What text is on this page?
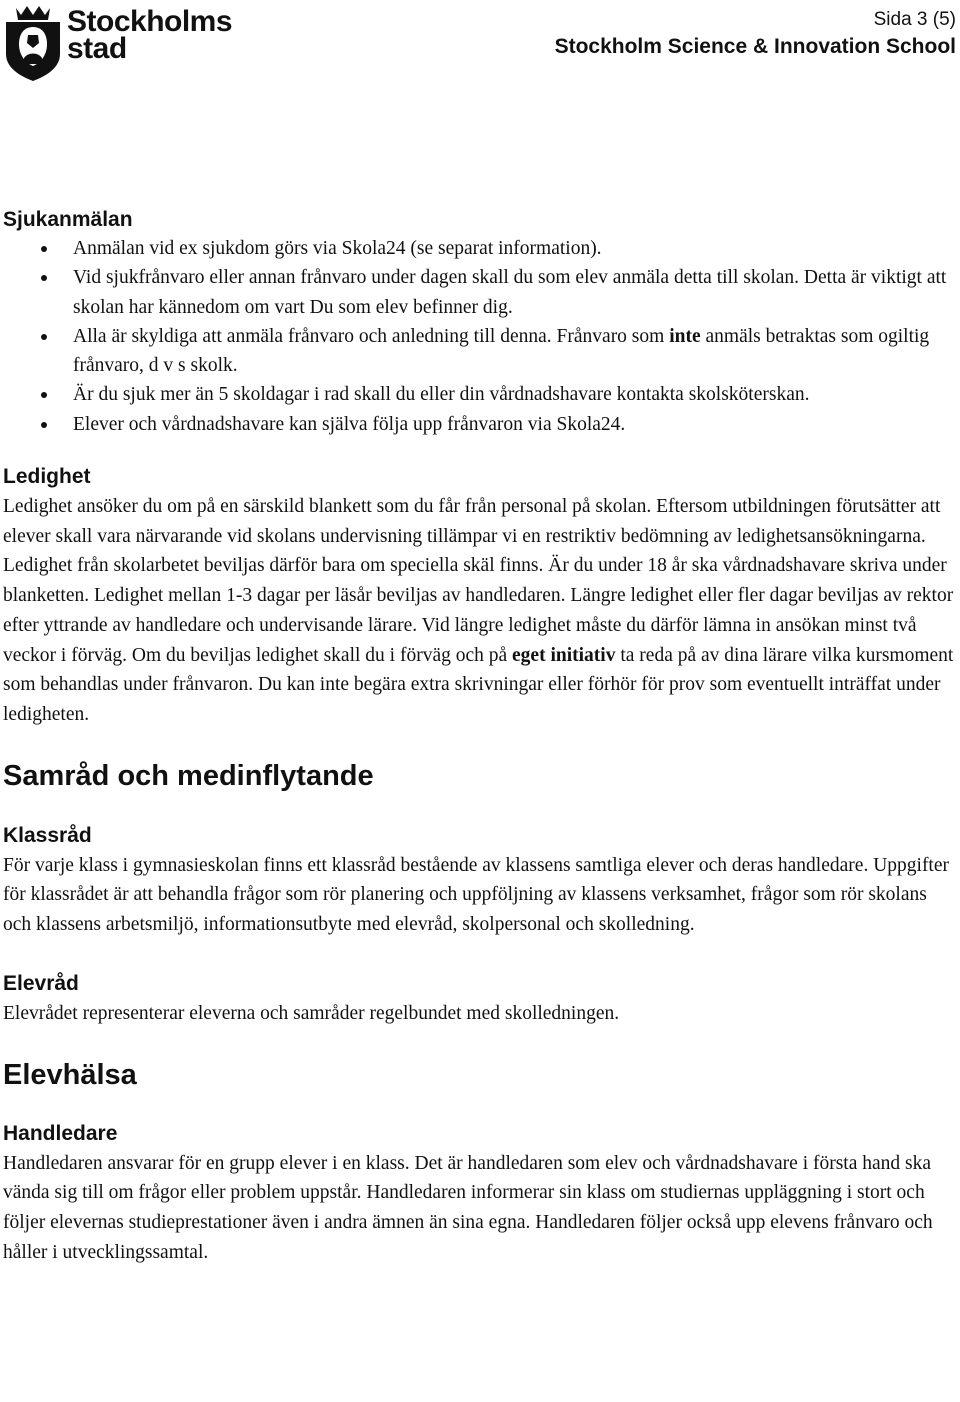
Stockholms
stad
Sida 3 (5)
Stockholm Science & Innovation School
Sjukanmälan
Anmälan vid ex sjukdom görs via Skola24 (se separat information).
Vid sjukfrånvaro eller annan frånvaro under dagen skall du som elev anmäla detta till skolan. Detta är viktigt att skolan har kännedom om vart Du som elev befinner dig.
Alla är skyldiga att anmäla frånvaro och anledning till denna. Frånvaro som inte anmäls betraktas som ogiltig frånvaro, d v s skolk.
Är du sjuk mer än 5 skoldagar i rad skall du eller din vårdnadshavare kontakta skolsköterskan.
Elever och vårdnadshavare kan själva följa upp frånvaron via Skola24.
Ledighet

Ledighet ansöker du om på en särskild blankett som du får från personal på skolan. Eftersom utbildningen förutsätter att elever skall vara närvarande vid skolans undervisning tillämpar vi en restriktiv bedömning av ledighetsansökningarna. Ledighet från skolarbetet beviljas därför bara om speciella skäl finns. Är du under 18 år ska vårdnadshavare skriva under blanketten. Ledighet mellan 1-3 dagar per läsår beviljas av handledaren. Längre ledighet eller fler dagar beviljas av rektor efter yttrande av handledare och undervisande lärare. Vid längre ledighet måste du därför lämna in ansökan minst två veckor i förväg. Om du beviljas ledighet skall du i förväg och på eget initiativ ta reda på av dina lärare vilka kursmoment som behandlas under frånvaron. Du kan inte begära extra skrivningar eller förhör för prov som eventuellt inträffat under ledigheten.

Samråd och medinflytande
Klassråd

För varje klass i gymnasieskolan finns ett klassråd bestående av klassens samtliga elever och deras handledare. Uppgifter för klassrådet är att behandla frågor som rör planering och uppföljning av klassens verksamhet, frågor som rör skolans och klassens arbetsmiljö, informationsutbyte med elevråd, skolpersonal och skolledning.

Elevråd

Elevrådet representerar eleverna och samråder regelbundet med skolledningen.

Elevhälsa
Handledare

Handledaren ansvarar för en grupp elever i en klass. Det är handledaren som elev och vårdnadshavare i första hand ska vända sig till om frågor eller problem uppstår. Handledaren informerar sin klass om studiernas uppläggning i stort och följer elevernas studieprestationer även i andra ämnen än sina egna. Handledaren följer också upp elevens frånvaro och håller i utvecklingssamtal.
